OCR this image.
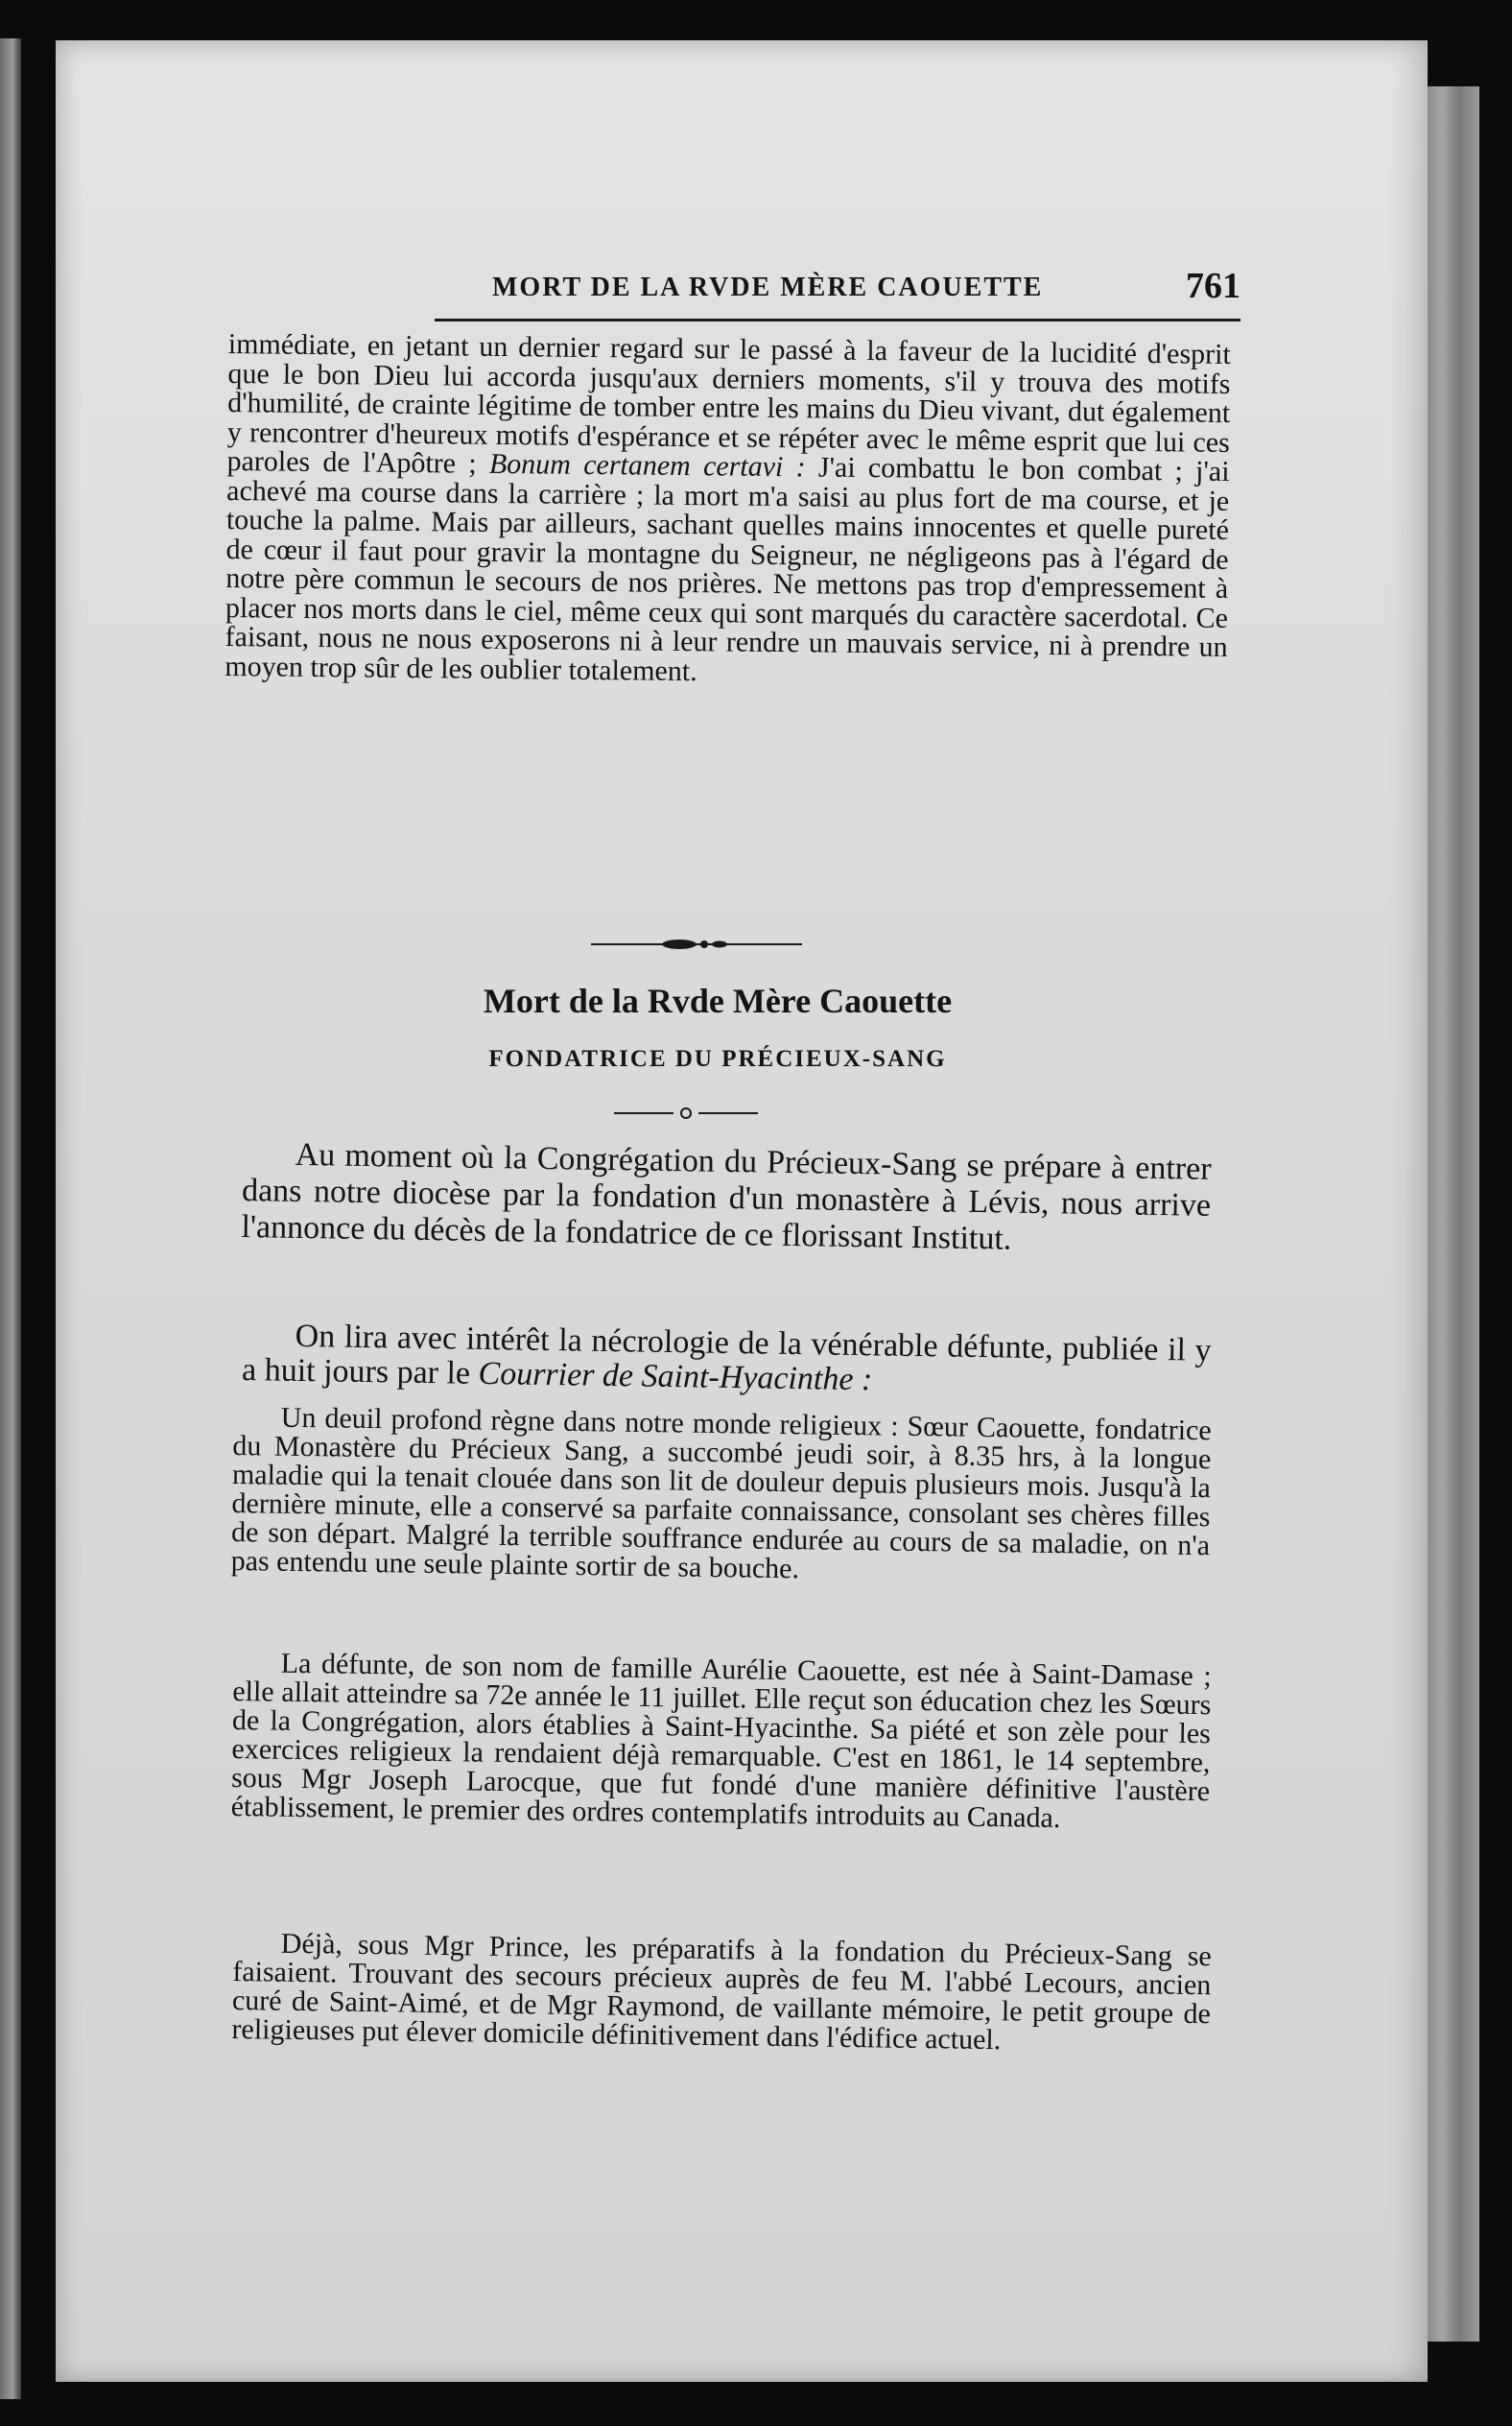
MORT DE LA RVDE MÈRE CAOUETTE	761
immédiate, en jetant un dernier regard sur le passé à la faveur de la lucidité d'esprit que le bon Dieu lui accorda jusqu'aux derniers moments, s'il y trouva des motifs d'humilité, de crainte légitime de tomber entre les mains du Dieu vivant, dut également y rencontrer d'heureux motifs d'espérance et se répéter avec le même esprit que lui ces paroles de l'Apôtre ; Bonum certanem certavi : J'ai combattu le bon combat ; j'ai achevé ma course dans la carrière ; la mort m'a saisi au plus fort de ma course, et je touche la palme. Mais par ailleurs, sachant quelles mains innocentes et quelle pureté de cœur il faut pour gravir la montagne du Seigneur, ne négligeons pas à l'égard de notre père commun le secours de nos prières. Ne mettons pas trop d'empressement à placer nos morts dans le ciel, même ceux qui sont marqués du caractère sacerdotal. Ce faisant, nous ne nous exposerons ni à leur rendre un mauvais service, ni à prendre un moyen trop sûr de les oublier totalement.
Mort de la Rvde Mère Caouette
FONDATRICE DU PRÉCIEUX-SANG
Au moment où la Congrégation du Précieux-Sang se prépare à entrer dans notre diocèse par la fondation d'un monastère à Lévis, nous arrive l'annonce du décès de la fondatrice de ce florissant Institut.
On lira avec intérêt la nécrologie de la vénérable défunte, publiée il y a huit jours par le Courrier de Saint-Hyacinthe :
Un deuil profond règne dans notre monde religieux : Sœur Caouette, fondatrice du Monastère du Précieux Sang, a succombé jeudi soir, à 8.35 hrs, à la longue maladie qui la tenait clouée dans son lit de douleur depuis plusieurs mois. Jusqu'à la dernière minute, elle a conservé sa parfaite connaissance, consolant ses chères filles de son départ. Malgré la terrible souffrance endurée au cours de sa maladie, on n'a pas entendu une seule plainte sortir de sa bouche.
La défunte, de son nom de famille Aurélie Caouette, est née à Saint-Damase ; elle allait atteindre sa 72e année le 11 juillet. Elle reçut son éducation chez les Sœurs de la Congrégation, alors établies à Saint-Hyacinthe. Sa piété et son zèle pour les exercices religieux la rendaient déjà remarquable. C'est en 1861, le 14 septembre, sous Mgr Joseph Larocque, que fut fondé d'une manière définitive l'austère établissement, le premier des ordres contemplatifs introduits au Canada.
Déjà, sous Mgr Prince, les préparatifs à la fondation du Précieux-Sang se faisaient. Trouvant des secours précieux auprès de feu M. l'abbé Lecours, ancien curé de Saint-Aimé, et de Mgr Raymond, de vaillante mémoire, le petit groupe de religieuses put élever domicile définitivement dans l'édifice actuel.
